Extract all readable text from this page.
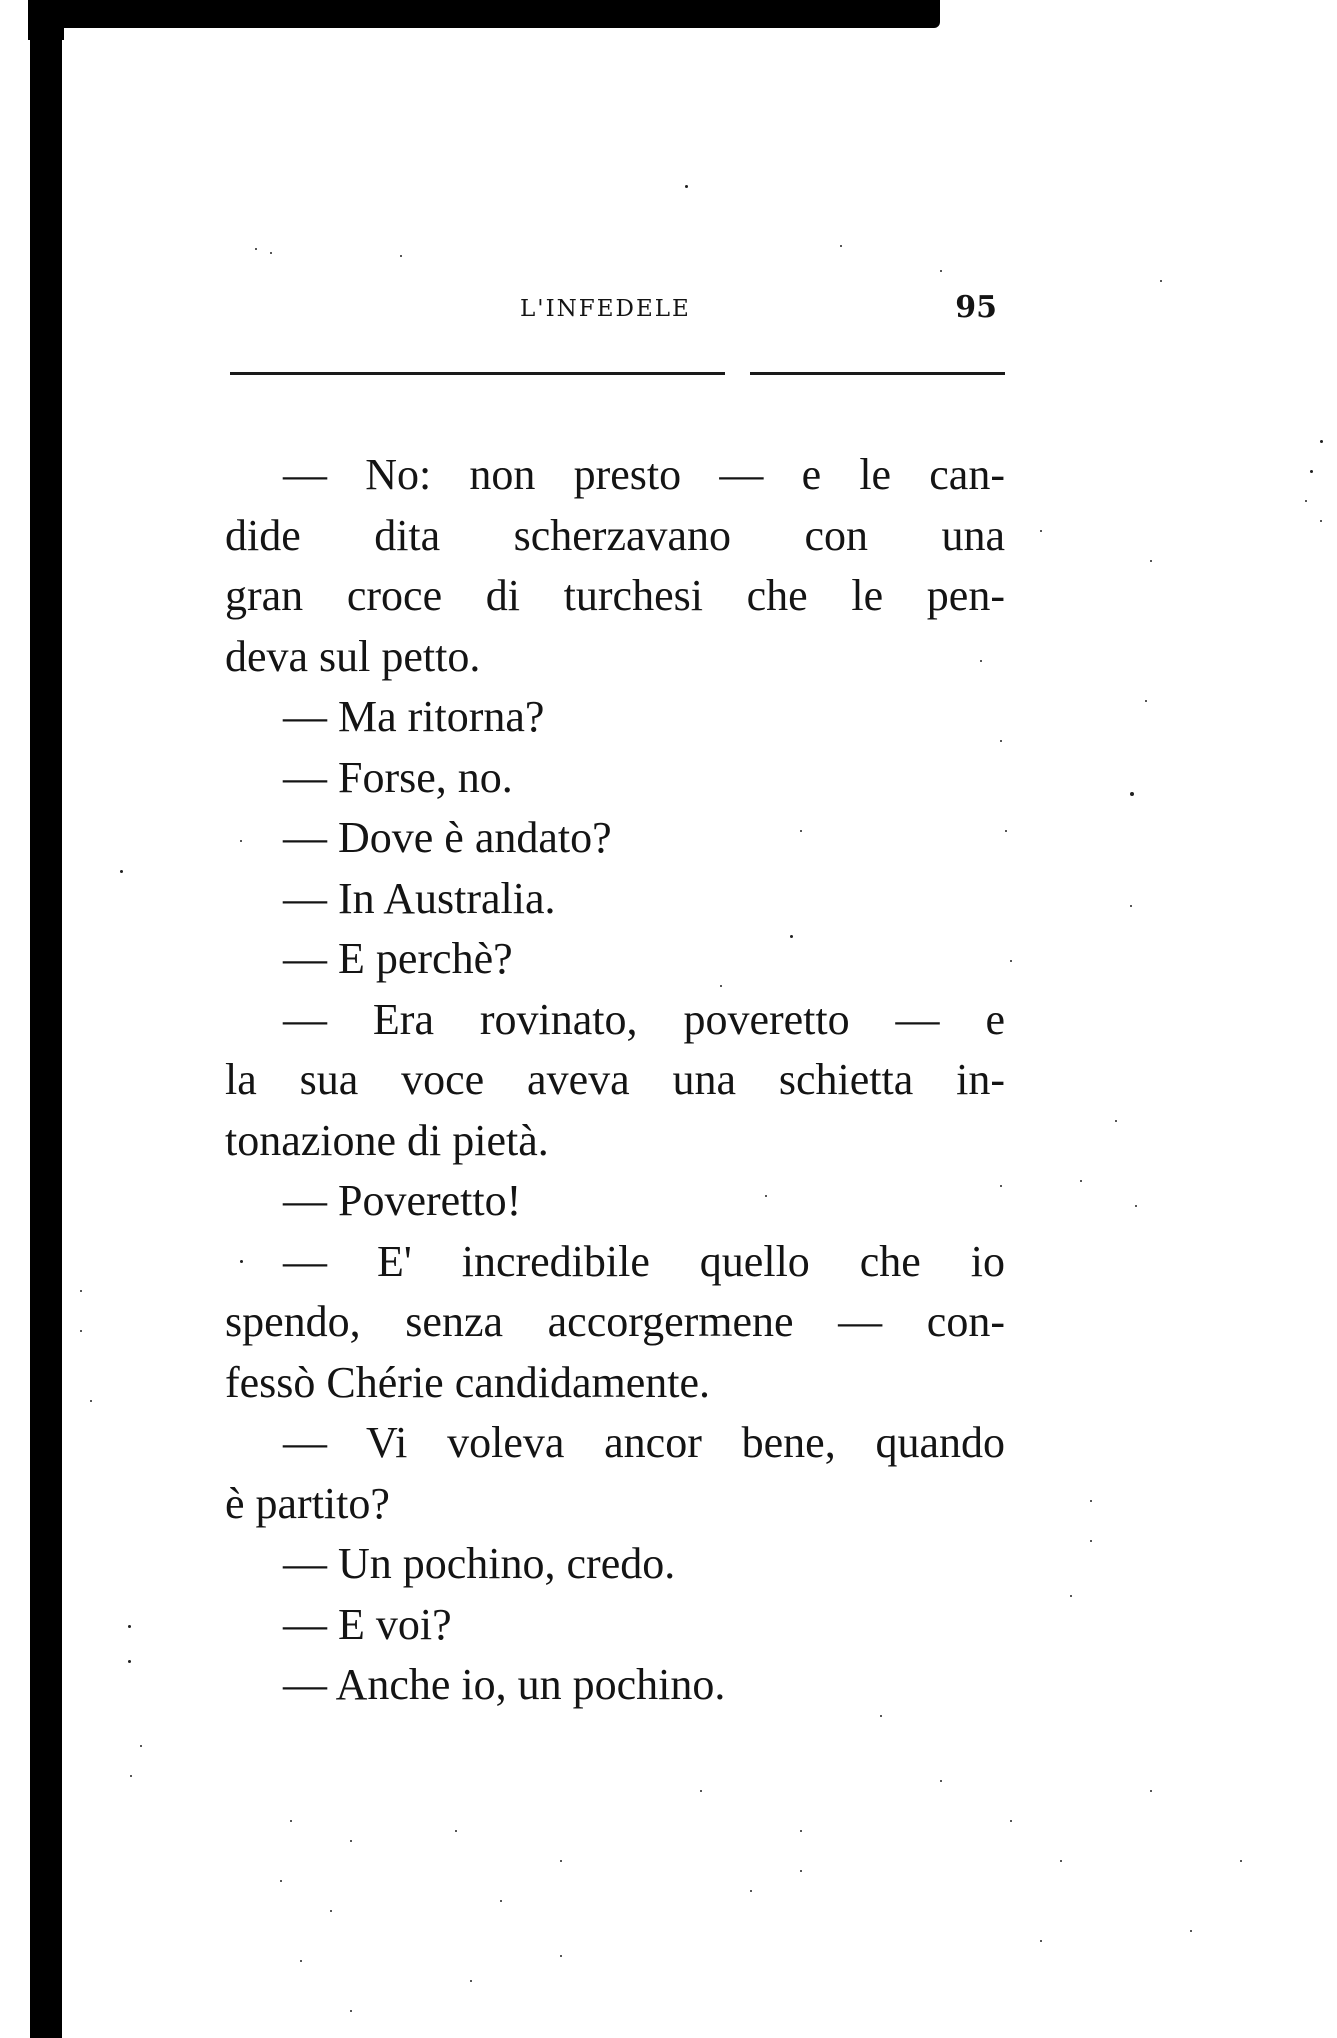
L'INFEDELE	95
— No: non presto — e le can-
dide dita scherzavano con una
gran croce di turchesi che le pen-
deva sul petto.
— Ma ritorna?
— Forse, no.
— Dove è andato?
— In Australia.
— E perchè?
— Era rovinato, poveretto — e
la sua voce aveva una schietta in-
tonazione di pietà.
— Poveretto!
— E' incredibile quello che io
spendo, senza accorgermene — con-
fessò Chérie candidamente.
— Vi voleva ancor bene, quando
è partito?
— Un pochino, credo.
— E voi?
— Anche io, un pochino.
